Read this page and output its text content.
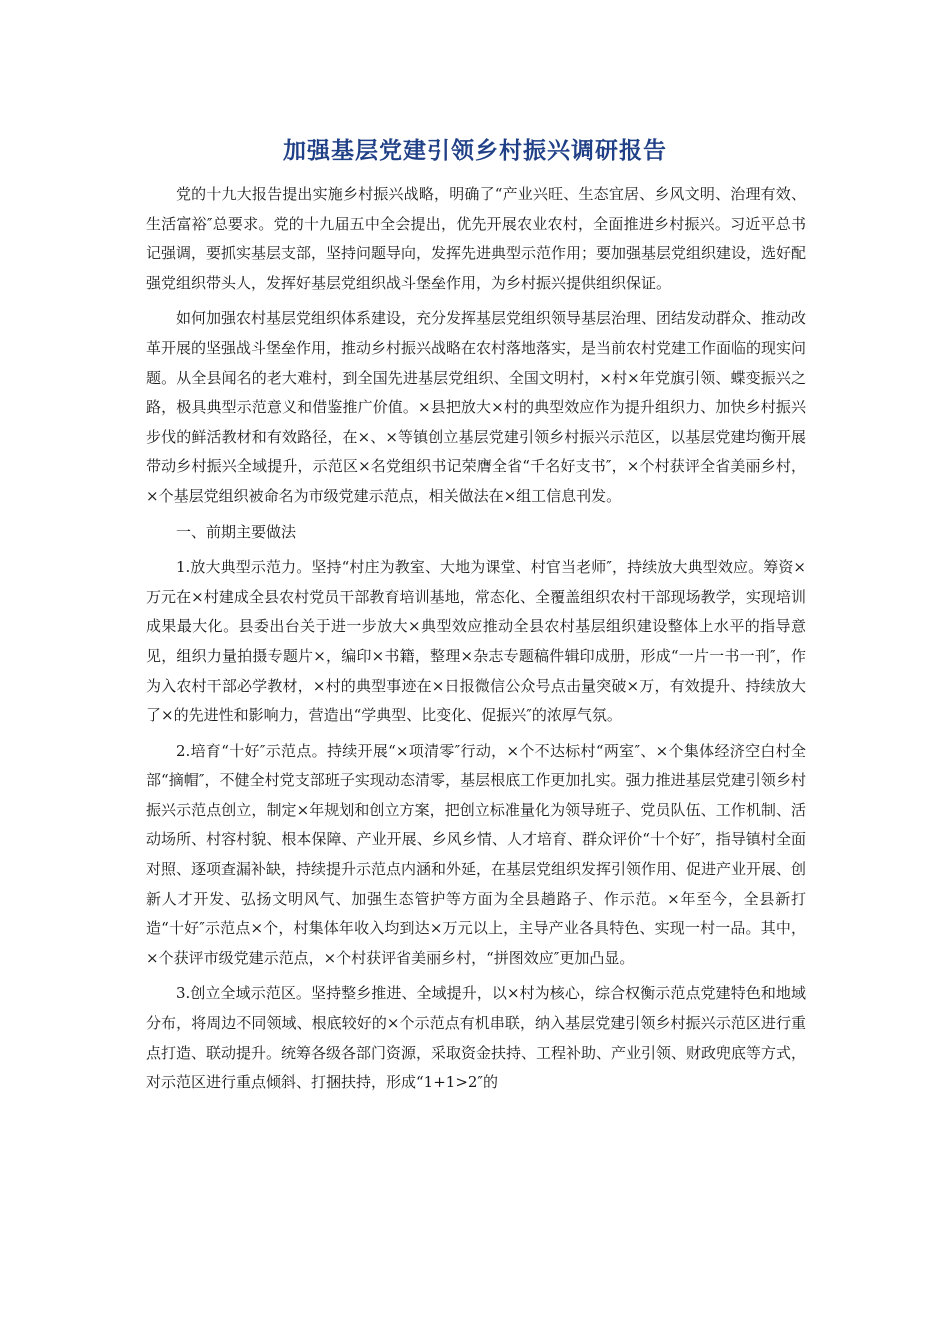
加强基层党建引领乡村振兴调研报告

党的十九大报告提出实施乡村振兴战略，明确了“产业兴旺、生态宜居、乡风文明、治理有效、生活富裕″总要求。党的十九届五中全会提出，优先开展农业农村，全面推进乡村振兴。习近平总书记强调，要抓实基层支部，坚持问题导向，发挥先进典型示范作用；要加强基层党组织建设，选好配强党组织带头人，发挥好基层党组织战斗堡垒作用，为乡村振兴提供组织保证。

如何加强农村基层党组织体系建设，充分发挥基层党组织领导基层治理、团结发动群众、推动改革开展的坚强战斗堡垒作用，推动乡村振兴战略在农村落地落实，是当前农村党建工作面临的现实问题。从全县闻名的老大难村，到全国先进基层党组织、全国文明村，×村×年党旗引领、蝶变振兴之路，极具典型示范意义和借鉴推广价值。×县把放大×村的典型效应作为提升组织力、加快乡村振兴步伐的鲜活教材和有效路径，在×、×等镇创立基层党建引领乡村振兴示范区，以基层党建均衡开展带动乡村振兴全域提升，示范区×名党组织书记荣膺全省“千名好支书″，×个村获评全省美丽乡村，×个基层党组织被命名为市级党建示范点，相关做法在×组工信息刊发。

一、前期主要做法

1.放大典型示范力。坚持“村庄为教室、大地为课堂、村官当老师″，持续放大典型效应。筹资×万元在×村建成全县农村党员干部教育培训基地，常态化、全覆盖组织农村干部现场教学，实现培训成果最大化。县委出台关于进一步放大×典型效应推动全县农村基层组织建设整体上水平的指导意见，组织力量拍摄专题片×，编印×书籍，整理×杂志专题稿件辑印成册，形成“一片一书一刊″，作为入农村干部必学教材，×村的典型事迹在×日报微信公众号点击量突破×万，有效提升、持续放大了×的先进性和影响力，营造出“学典型、比变化、促振兴″的浓厚气氛。

2.培育“十好″示范点。持续开展“×项清零″行动，×个不达标村“两室″、×个集体经济空白村全部“摘帽″，不健全村党支部班子实现动态清零，基层根底工作更加扎实。强力推进基层党建引领乡村振兴示范点创立，制定×年规划和创立方案，把创立标准量化为领导班子、党员队伍、工作机制、活动场所、村容村貌、根本保障、产业开展、乡风乡情、人才培育、群众评价“十个好″，指导镇村全面对照、逐项查漏补缺，持续提升示范点内涵和外延，在基层党组织发挥引领作用、促进产业开展、创新人才开发、弘扬文明风气、加强生态管护等方面为全县趟路子、作示范。×年至今，全县新打造“十好″示范点×个，村集体年收入均到达×万元以上，主导产业各具特色、实现一村一品。其中，×个获评市级党建示范点，×个村获评省美丽乡村，“拼图效应″更加凸显。

3.创立全域示范区。坚持整乡推进、全域提升，以×村为核心，综合权衡示范点党建特色和地域分布，将周边不同领域、根底较好的×个示范点有机串联，纳入基层党建引领乡村振兴示范区进行重点打造、联动提升。统筹各级各部门资源，采取资金扶持、工程补助、产业引领、财政兜底等方式，对示范区进行重点倾斜、打捆扶持，形成“1+1>2″的
